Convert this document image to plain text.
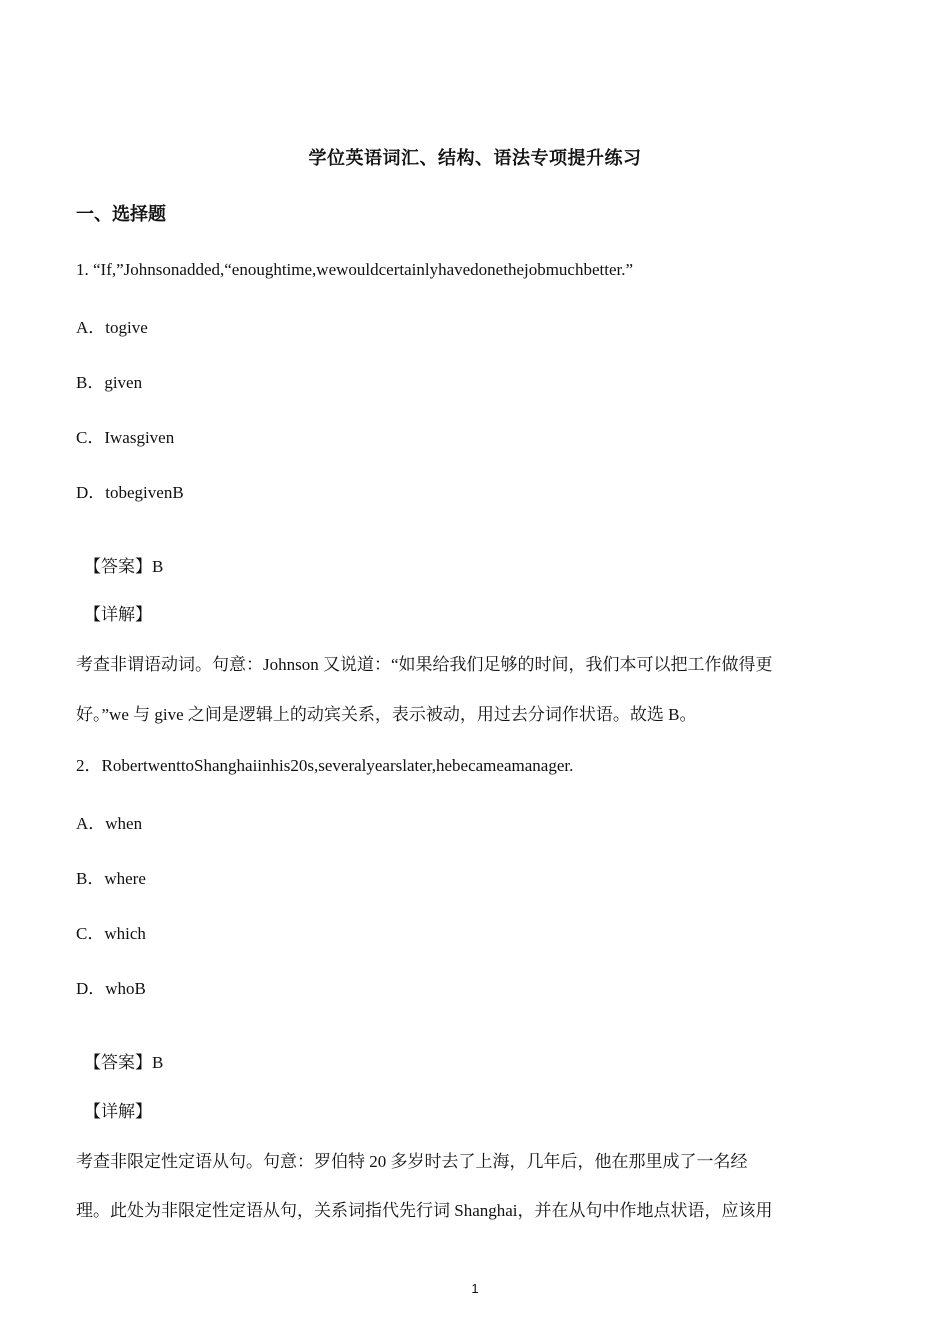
学位英语词汇、结构、语法专项提升练习
一、选择题
1. “If,”Johnsonadded,“enoughtime,wewouldcertainlyhavedonethejobmuchbetter.”
A．togive
B．given
C．Iwasgiven
D．tobegivenB
【答案】B
【详解】
考查非谓语动词。句意：Johnson 又说道：“如果给我们足够的时间，我们本可以把工作做得更
好。”we 与 give 之间是逻辑上的动宾关系，表示被动，用过去分词作状语。故选 B。
2．RobertwenttoShanghaiinhis20s,severalyearslater,hebecameamanager.
A．when
B．where
C．which
D．whoB
【答案】B
【详解】
考查非限定性定语从句。句意：罗伯特 20 多岁时去了上海，几年后，他在那里成了一名经
理。此处为非限定性定语从句，关系词指代先行词 Shanghai，并在从句中作地点状语，应该用
1
